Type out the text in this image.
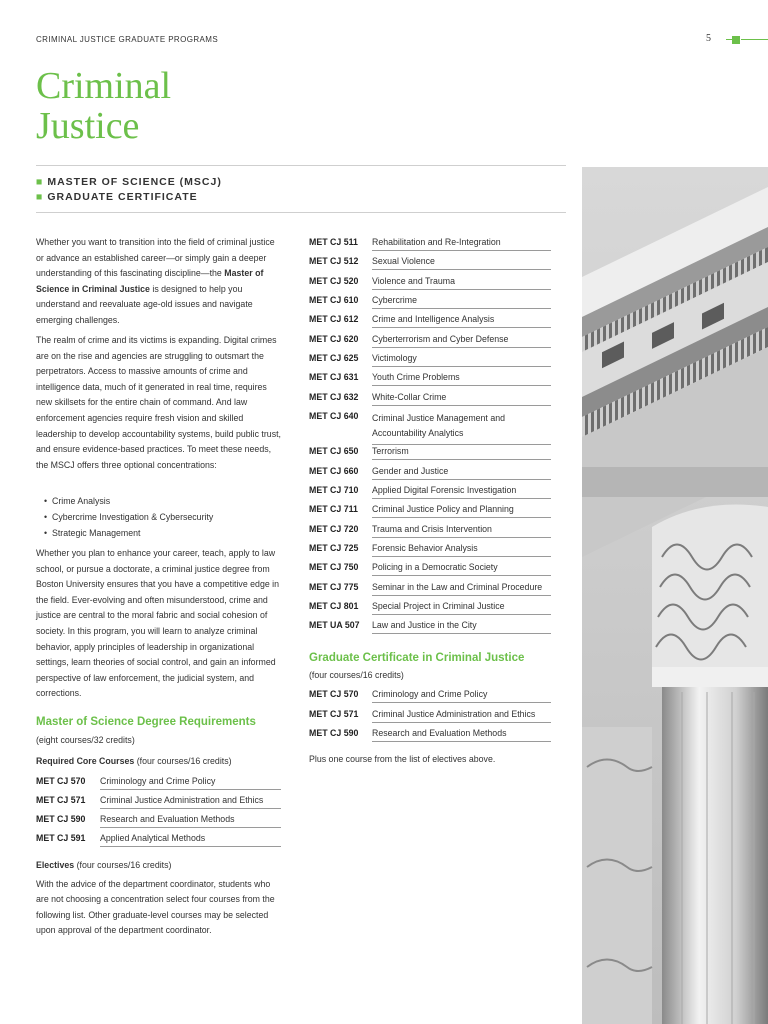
CRIMINAL JUSTICE GRADUATE PROGRAMS	5
Criminal
Justice
■ MASTER OF SCIENCE (MSCJ)
■ GRADUATE CERTIFICATE

Whether you want to transition into the field of criminal justice or advance an established career—or simply gain a deeper understanding of this fascinating discipline—the Master of Science in Criminal Justice is designed to help you understand and reevaluate age-old issues and navigate emerging challenges.

The realm of crime and its victims is expanding. Digital crimes are on the rise and agencies are struggling to outsmart the perpetrators. Access to massive amounts of crime and intelligence data, much of it generated in real time, requires new skillsets for the entire chain of command. And law enforcement agencies require fresh vision and skilled leadership to develop accountability systems, build public trust, and ensure evidence-based practices. To meet these needs, the MSCJ offers three optional concentrations:

•  Crime Analysis
•  Cybercrime Investigation & Cybersecurity
•  Strategic Management

Whether you plan to enhance your career, teach, apply to law school, or pursue a doctorate, a criminal justice degree from Boston University ensures that you have a competitive edge in the field. Ever-evolving and often misunderstood, crime and justice are central to the moral fabric and social cohesion of society. In this program, you will learn to analyze criminal behavior, apply principles of leadership in organizational settings, learn theories of social control, and gain an informed perspective of law enforcement, the judicial system, and corrections.

Master of Science Degree Requirements
(eight courses/32 credits)
Required Core Courses (four courses/16 credits)
MET CJ 570 Criminology and Crime Policy
MET CJ 571 Criminal Justice Administration and Ethics
MET CJ 590 Research and Evaluation Methods
MET CJ 591 Applied Analytical Methods
Electives (four courses/16 credits)

With the advice of the department coordinator, students who are not choosing a concentration select four courses from the following list. Other graduate-level courses may be selected upon approval of the department coordinator.

MET CJ 511 Rehabilitation and Re-Integration
MET CJ 512 Sexual Violence
MET CJ 520 Violence and Trauma
MET CJ 610 Cybercrime
MET CJ 612 Crime and Intelligence Analysis
MET CJ 620 Cyberterrorism and Cyber Defense
MET CJ 625 Victimology
MET CJ 631 Youth Crime Problems
MET CJ 632 White-Collar Crime
MET CJ 640 Criminal Justice Management and
Accountability Analytics
MET CJ 650 Terrorism
MET CJ 660 Gender and Justice
MET CJ 710 Applied Digital Forensic Investigation
MET CJ 711 Criminal Justice Policy and Planning
MET CJ 720 Trauma and Crisis Intervention
MET CJ 725 Forensic Behavior Analysis
MET CJ 750 Policing in a Democratic Society
MET CJ 775 Seminar in the Law and Criminal Procedure
MET CJ 801 Special Project in Criminal Justice
MET UA 507 Law and Justice in the City
Graduate Certificate in Criminal Justice
(four courses/16 credits)
MET CJ 570 Criminology and Crime Policy
MET CJ 571 Criminal Justice Administration and Ethics
MET CJ 590 Research and Evaluation Methods
Plus one course from the list of electives above.
